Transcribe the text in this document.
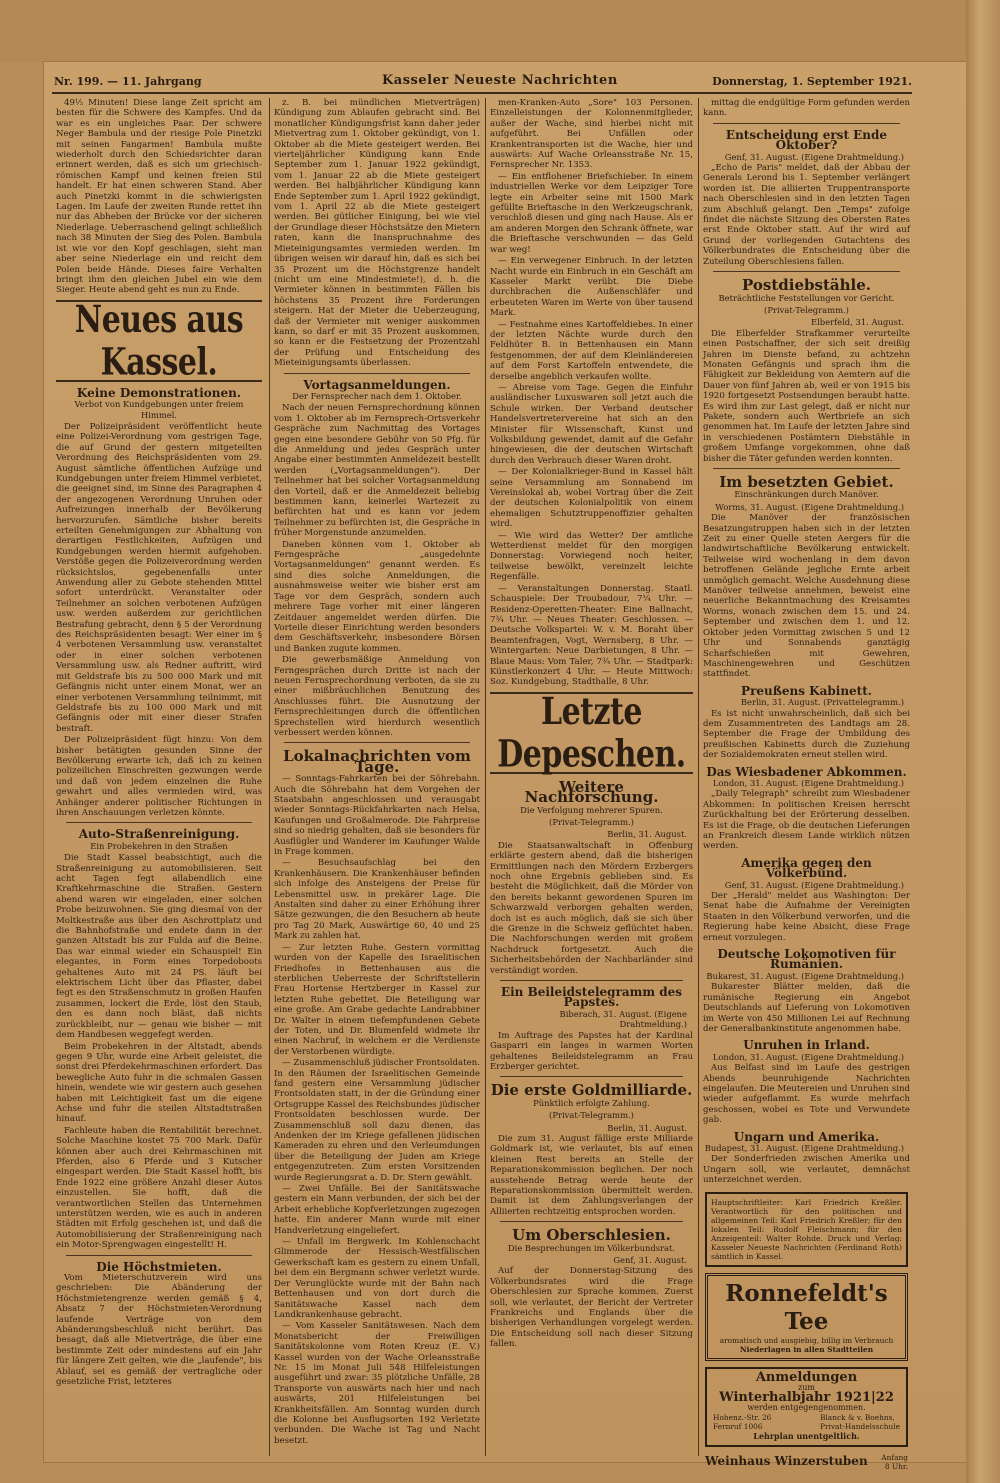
Nr. 199. — 11. Jahrgang	Kasseler Neueste Nachrichten	Donnerstag, 1. September 1921.

49½ Minuten! Diese lange Zeit spricht am besten für die Schwere des Kampfes. Und da war es ein ungleiches Paar. Der schwere Neger Bambula und der riesige Pole Pinetzki mit seinen Fangarmen! Bambula mußte wiederholt durch den Schiedsrichter daran erinnert werden, daß es sich um griechisch-römischen Kampf und keinen freien Stil handelt. Er hat einen schweren Stand. Aber auch Pinetzki kommt in die schwierigsten Lagen. Im Laufe der zweiten Runde rettet ihn nur das Abheben der Brücke vor der sicheren Niederlage. Ueberraschend gelingt schließlich nach 38 Minuten der Sieg des Polen. Bambula ist wie vor den Kopf geschlagen, sieht man aber seine Niederlage ein und reicht dem Polen beide Hände. Dieses faire Verhalten bringt ihm den gleichen Jubel ein wie dem Sieger. Heute abend geht es nun zu Ende.

Neues aus Kassel.
Keine Demonstrationen.
Verbot von Kundgebungen unter freiem Himmel.

Der Polizeipräsident veröffentlicht heute eine Polizei-Verordnung vom gestrigen Tage, die auf Grund der gestern mitgeteilten Verordnung des Reichspräsidenten vom 29. August sämtliche öffentlichen Aufzüge und Kundgebungen unter freiem Himmel verbietet, die geeignet sind, im Sinne des Paragraphen 4 der angezogenen Verordnung Unruhen oder Aufreizungen innerhalb der Bevölkerung hervorzurufen. Sämtliche bisher bereits erteilten Genehmigungen zur Abhaltung von derartigen Festlichkeiten, Aufzügen und Kundgebungen werden hiermit aufgehoben. Verstöße gegen die Polizeiverordnung werden rücksichtslos, gegebenenfalls unter Anwendung aller zu Gebote stehenden Mittel sofort unterdrückt. Veranstalter oder Teilnehmer an solchen verbotenen Aufzügen usw. werden außerdem zur gerichtlichen Bestrafung gebracht, denn § 5 der Verordnung des Reichspräsidenten besagt: Wer einer im § 4 verbotenen Versammlung usw. veranstaltet oder in einer solchen verbotenen Versammlung usw. als Redner auftritt, wird mit Geldstrafe bis zu 500 000 Mark und mit Gefängnis nicht unter einem Monat, wer an einer verbotenen Versammlung teilnimmt, mit Geldstrafe bis zu 100 000 Mark und mit Gefängnis oder mit einer dieser Strafen bestraft.

Der Polizeipräsident fügt hinzu: Von dem bisher betätigten gesunden Sinne der Bevölkerung erwarte ich, daß ich zu keinen polizeilichen Einschreiten gezwungen werde und daß von jedem einzelnen die Ruhe gewahrt und alles vermieden wird, was Anhänger anderer politischer Richtungen in ihren Anschauungen verletzen könnte.

Auto-Straßenreinigung.
Ein Probekehren in den Straßen

Die Stadt Kassel beabsichtigt, auch die Straßenreinigung zu automobilisieren. Seit acht Tagen fegt allabendlich eine Kraftkehrmaschine die Straßen. Gestern abend waren wir eingeladen, einer solchen Probe beizuwohnen. Sie ging diesmal von der Moltkestraße aus über den Aschrottplatz und die Bahnhofstraße und endete dann in der ganzen Altstadt bis zur Fulda auf die Beine. Das war einmal wieder ein Schauspiel! Ein elegantes, in Form eines Torpedoboots gehaltenes Auto mit 24 PS. läuft bei elektrischem Licht über das Pflaster, dabei fegt es den Straßenschmutz in großen Haufen zusammen, lockert die Erde, löst den Staub, den es dann noch bläst, daß nichts zurückbleibt, nur — genau wie bisher — mit dem Handbesen weggefegt werden.

Beim Probekehren in der Altstadt, abends gegen 9 Uhr, wurde eine Arbeit geleistet, die sonst drei Pferdekehrmaschinen erfordert. Das bewegliche Auto fuhr in die schmalen Gassen hinein, wendete wie wir gestern auch gesehen haben mit Leichtigkeit fast um die eigene Achse und fuhr die steilen Altstadtstraßen hinauf.

Fachleute haben die Rentabilität berechnet. Solche Maschine kostet 75 700 Mark. Dafür können aber auch drei Kehrmaschinen mit Pferden, also 6 Pferde und 3 Kutscher eingespart werden. Die Stadt Kassel hofft, bis Ende 1922 eine größere Anzahl dieser Autos einzustellen. Sie hofft, daß die verantwortlichen Stellen das Unternehmen unterstützen werden, wie es auch in anderen Städten mit Erfolg geschehen ist, und daß die Automobilisierung der Straßenreinigung nach ein Motor-Sprengwagen eingestellt! H.

Die Höchstmieten.

Vom Mieterschutzverein wird uns geschrieben: Die Abänderung der Höchstmietengrenze werden gemäß § 4, Absatz 7 der Höchstmieten-Verordnung laufende Verträge von dem Abänderungsbeschluß nicht berührt. Das besagt, daß alle Mietverträge, die über eine bestimmte Zeit oder mindestens auf ein Jahr für längere Zeit gelten, wie die „laufende", bis Ablauf, sei es gemäß der vertragliche oder gesetzliche Frist, letzteres

z. B. bei mündlichen Mietverträgen) Kündigung zum Ablaufen gebracht sind. Bei monatlicher Kündigungsfrist kann daher jeder Mietvertrag zum 1. Oktober gekündigt, von 1. Oktober ab die Miete gesteigert werden. Bei vierteljährlicher Kündigung kann Ende September zum 1. Januar 1922 gekündigt, vom 1. Januar 22 ab die Miete gesteigert werden. Bei halbjährlicher Kündigung kann Ende September zum 1. April 1922 gekündigt, vom 1. April 22 ab die Miete gesteigert werden. Bei gütlicher Einigung, bei wie viel der Grundlage dieser Höchstsätze den Mietern raten, kann die Inanspruchnahme des Mieteinigungsamtes vermieden werden. Im übrigen weisen wir darauf hin, daß es sich bei 35 Prozent um die Höchstgrenze handelt (nicht um eine Mindestmiete!), d. h. die Vermieter können in bestimmten Fällen bis höchstens 35 Prozent ihre Forderungen steigern. Hat der Mieter die Ueberzeugung, daß der Vermieter mit weniger auskommen kann, so darf er mit 35 Prozent auskommen, so kann er die Festsetzung der Prozentzahl der Prüfung und Entscheidung des Mieteinigungsamts überlassen.

Vortagsanmeldungen.
Der Fernsprecher nach dem 1. Oktober.

Nach der neuen Fernsprechordnung können vom 1. Oktober ab im Fernsprech-Ortsverkehr Gespräche zum Nachmittag des Vortages gegen eine besondere Gebühr von 50 Pfg. für die Anmeldung und jedes Gespräch unter Angabe einer bestimmten Anmeldezeit bestellt werden („Vortagsanmeldungen"). Der Teilnehmer hat bei solcher Vortagsanmeldung den Vorteil, daß er die Anmeldezeit beliebig bestimmen kann, keinerlei Wartezeit zu befürchten hat und es kann vor jedem Teilnehmer zu befürchten ist, die Gespräche in früher Morgenstunde anzumelden.

Daneben können vom 1. Oktober ab Ferngespräche „ausgedehnte Vortagsanmeldungen" genannt werden. Es sind dies solche Anmeldungen, die ausnahmsweise weiter wie bisher erst am Tage vor dem Gespräch, sondern auch mehrere Tage vorher mit einer längeren Zeitdauer angemeldet werden dürfen. Die Vorteile dieser Einrichtung werden besonders dem Geschäftsverkehr, insbesondere Börsen und Banken zugute kommen.

Die gewerbsmäßige Anmeldung von Ferngesprächen durch Dritte ist nach der neuen Fernsprechordnung verboten, da sie zu einer mißbräuchlichen Benutzung des Anschlusses führt. Die Ausnutzung der Fernsprechleitungen durch die öffentlichen Sprechstellen wird hierdurch wesentlich verbessert werden können.

Lokalnachrichten vom Tage.

— Sonntags-Fahrkarten bei der Söhrebahn. Auch die Söhrebahn hat dem Vorgehen der Staatsbahn angeschlossen und verausgabt wieder Sonntags-Rückfahrkarten nach Helsa, Kaufungen und Großalmerode. Die Fahrpreise sind so niedrig gehalten, daß sie besonders für Ausflügler und Wanderer im Kaufunger Walde in Frage kommen.

— Besuchsaufschlag bei den Krankenhäusern. Die Krankenhäuser befinden sich infolge des Ansteigens der Preise für Lebensmittel usw. in prekärer Lage. Die Anstalten sind daher zu einer Erhöhung ihrer Sätze gezwungen, die den Besuchern ab heute pro Tag 20 Mark, Auswärtige 60, 40 und 25 Mark zu zahlen hat.

— Zur letzten Ruhe. Gestern vormittag wurden von der Kapelle des Israelitischen Friedhofes in Bettenhausen aus die sterblichen Ueberreste der Schriftstellerin Frau Hortense Hertzberger in Kassel zur letzten Ruhe gebettet. Die Beteiligung war eine große. Am Grabe gedachte Landrabbiner Dr. Walter in einem tiefempfundenen Gebete der Toten, und Dr. Blumenfeld widmete ihr einen Nachruf, in welchem er die Verdienste der Verstorbenen würdigte.

— Zusammenschluß jüdischer Frontsoldaten. In den Räumen der Israelitischen Gemeinde fand gestern eine Versammlung jüdischer Frontsoldaten statt, in der die Gründung einer Ortsgruppe Kassel des Reichsbundes jüdischer Frontsoldaten beschlossen wurde. Der Zusammenschluß soll dazu dienen, das Andenken der im Kriege gefallenen jüdischen Kameraden zu ehren und den Verleumdungen über die Beteiligung der Juden am Kriege entgegenzutreten. Zum ersten Vorsitzenden wurde Regierungsrat a. D. Dr. Stern gewählt.

— Zwei Unfälle. Bei der Sanitätswache gestern ein Mann verbunden, der sich bei der Arbeit erhebliche Kopfverletzungen zugezogen hatte. Ein anderer Mann wurde mit einer Handverletzung eingeliefert.

— Unfall im Bergwerk. Im Kohlenschacht Glimmerode der Hessisch-Westfälischen Gewerkschaft kam es gestern zu einem Unfall, bei dem ein Bergmann schwer verletzt wurde. Der Verunglückte wurde mit der Bahn nach Bettenhausen und von dort durch die Sanitätswache Kassel nach dem Landkrankenhause gebracht.

— Vom Kasseler Sanitätswesen. Nach dem Monatsbericht der Freiwilligen Sanitätskolonne vom Roten Kreuz (E. V.) Kassel wurden von der Wache Orleansstraße Nr. 15 im Monat Juli 548 Hilfeleistungen ausgeführt und zwar: 35 plötzliche Unfälle, 28 Transporte von auswärts nach hier und nach auswärts, 201 Hilfeleistungen bei Krankheitsfällen. Am Sonntag wurden durch die Kolonne bei Ausflugsorten 192 Verletzte verbunden. Die Wache ist Tag und Nacht besetzt.

men-Kranken-Auto „Sore" 103 Personen. Einzelleistungen der Kolonnenmitglieder, außer der Wache, sind hierbei nicht mit aufgeführt. Bei Unfällen oder Krankentransporten ist die Wache, hier und auswärts: Auf Wache Orleansstraße Nr. 15, Fernsprecher Nr. 1353.

— Ein entflohener Briefschieber. In einem industriellen Werke vor dem Leipziger Tore legte ein Arbeiter seine mit 1500 Mark gefüllte Brieftasche in den Werkzeugschrank, verschloß diesen und ging nach Hause. Als er am anderen Morgen den Schrank öffnete, war die Brieftasche verschwunden — das Geld war weg!

— Ein verwegener Einbruch. In der letzten Nacht wurde ein Einbruch in ein Geschäft am Kasseler Markt verübt. Die Diebe durchbrachen die Außenschläfer und erbeuteten Waren im Werte von über tausend Mark.

— Festnahme eines Kartoffeldiebes. In einer der letzten Nächte wurde durch den Feldhüter B. in Bettenhausen ein Mann festgenommen, der auf dem Kleinländereien auf dem Forst Kartoffeln entwendete, die derselbe angeblich verkaufen wollte.

— Abreise vom Tage. Gegen die Einfuhr ausländischer Luxuswaren soll jetzt auch die Schule wirken. Der Verband deutscher Handelsvertretervereine hat sich an den Minister für Wissenschaft, Kunst und Volksbildung gewendet, damit auf die Gefahr hingewiesen, die der deutschen Wirtschaft durch den Verbrauch dieser Waren droht.

— Der Kolonialkrieger-Bund in Kassel hält seine Versammlung am Sonnabend im Vereinslokal ab, wobei Vortrag über die Zeit der deutschen Kolonialpolitik von einem ehemaligen Schutztruppenoffizier gehalten wird.

— Wie wird das Wetter? Der amtliche Wetterdienst meldet für den morgigen Donnerstag: Vorwiegend noch heiter, teilweise bewölkt, vereinzelt leichte Regenfälle.

— Veranstaltungen Donnerstag. Staatl. Schauspiele: Der Troubadour, 7¼ Uhr. — Residenz-Operetten-Theater: Eine Ballnacht, 7¾ Uhr. — Neues Theater: Geschlossen. — Deutsche Volkspartei: W. v. M. Boraht über Beamtenfragen, Vogt, Wernsberg, 8 Uhr. — Wintergarten: Neue Darbietungen, 8 Uhr. — Blaue Maus: Vom Taler, 7¾ Uhr. — Stadtpark: Künstlerkonzert 4 Uhr. — Heute Mittwoch: Soz. Kundgebung, Stadthalle, 8 Uhr.

Letzte Depeschen.
Weitere Nachforschung.
Die Verfolgung mehrerer Spuren.
(Privat-Telegramm.)
Berlin, 31. August.

Die Staatsanwaltschaft in Offenburg erklärte gestern abend, daß die bisherigen Ermittlungen nach den Mördern Erzbergers noch ohne Ergebnis geblieben sind. Es besteht die Möglichkeit, daß die Mörder von den bereits bekannt gewordenen Spuren im Schwarzwald verborgen gehalten werden, doch ist es auch möglich, daß sie sich über die Grenze in die Schweiz geflüchtet haben. Die Nachforschungen werden mit großem Nachdruck fortgesetzt. Auch die Sicherheitsbehörden der Nachbarländer sind verständigt worden.

Ein Beileidstelegramm des Papstes.
Biberach, 31. August. (Eigene Drahtmeldung.)

Im Auftrage des Papstes hat der Kardinal Gasparri ein langes in warmen Worten gehaltenes Beileidstelegramm an Frau Erzberger gerichtet.

Die erste Goldmilliarde.
Pünktlich erfolgte Zahlung.
(Privat-Telegramm.)
Berlin, 31. August.

Die zum 31. August fällige erste Milliarde Goldmark ist, wie verlautet, bis auf einen kleinen Rest bereits an Stelle der Reparationskommission beglichen. Der noch ausstehende Betrag werde heute der Reparationskommission übermittelt werden. Damit ist dem Zahlungsverlangen der Alliierten rechtzeitig entsprochen worden.

Um Oberschlesien.
Die Besprechungen im Völkerbundsrat.
Genf, 31. August.

Auf der Donnerstag-Sitzung des Völkerbundsrates wird die Frage Oberschlesien zur Sprache kommen. Zuerst soll, wie verlautet, der Bericht der Vertreter Frankreichs und Englands über die bisherigen Verhandlungen vorgelegt werden. Die Entscheidung soll nach dieser Sitzung fallen.

mittag die endgültige Form gefunden werden kann.

Entscheidung erst Ende Oktober?
Genf, 31. August. (Eigene Drahtmeldung.)

„Echo de Paris" meldet, daß der Abbau der Generals Lerond bis 1. September verlängert worden ist. Die alliierten Truppentransporte nach Oberschlesien sind in den letzten Tagen zum Abschluß gelangt. Den „Temps" zufolge findet die nächste Sitzung des Obersten Rates erst Ende Oktober statt. Auf ihr wird auf Grund der vorliegenden Gutachtens des Völkerbundrates die Entscheidung über die Zuteilung Oberschlesiens fallen.

Postdiebstähle.
Beträchtliche Feststellungen vor Gericht.
(Privat-Telegramm.)
Elberfeld, 31. August.

Die Elberfelder Strafkammer verurteilte einen Postschaffner, der sich seit dreißig Jahren im Dienste befand, zu achtzehn Monaten Gefängnis und sprach ihm die Fähigkeit zur Bekleidung von Aemtern auf die Dauer von fünf Jahren ab, weil er von 1915 bis 1920 fortgesetzt Postsendungen beraubt hatte. Es wird ihm zur Last gelegt, daß er nicht nur Pakete, sondern auch Wertbriefe an sich genommen hat. Im Laufe der letzten Jahre sind in verschiedenen Postämtern Diebstähle in großem Umfange vorgekommen, ohne daß bisher die Täter gefunden werden konnten.

Im besetzten Gebiet.
Einschränkungen durch Manöver.
Worms, 31. August. (Eigene Drahtmeldung.)

Die Manöver der französischen Besatzungstruppen haben sich in der letzten Zeit zu einer Quelle steten Aergers für die landwirtschaftliche Bevölkerung entwickelt. Teilweise wird wochenlang in dem davon betroffenen Gelände jegliche Ernte arbeit unmöglich gemacht. Welche Ausdehnung diese Manöver teilweise annehmen, beweist eine neuerliche Bekanntmachung des Kreisamtes Worms, wonach zwischen dem 15. und 24. September und zwischen dem 1. und 12. Oktober jeden Vormittag zwischen 5 und 12 Uhr und Sonnabends ganztägig Scharfschießen mit Gewehren, Maschinengewehren und Geschützen stattfindet.

Preußens Kabinett.
Berlin, 31. August. (Privattelegramm.)

Es ist nicht unwahrscheinlich, daß sich bei dem Zusammentreten des Landtags am 28. September die Frage der Umbildung des preußischen Kabinetts durch die Zuziehung der Sozialdemokraten erneut stellen wird.

Das Wiesbadener Abkommen.
London, 31. August. (Eigene Drahtmeldung.)

„Daily Telegraph" schreibt zum Wiesbadener Abkommen: In politischen Kreisen herrscht Zurückhaltung bei der Erörterung desselben. Es ist die Frage, ob die deutschen Lieferungen an Frankreich diesem Lande wirklich nützen werden.

Amerika gegen den Völkerbund.
Genf, 31. August. (Eigene Drahtmeldung.)

Der „Herald" meldet aus Washington: Der Senat habe die Aufnahme der Vereinigten Staaten in den Völkerbund verworfen, und die Regierung habe keine Absicht, diese Frage erneut vorzulegen.

Deutsche Lokomotiven für Rumänien.
Bukarest, 31. August. (Eigene Drahtmeldung.)

Bukarester Blätter melden, daß die rumänische Regierung ein Angebot Deutschlands auf Lieferung von Lokomotiven im Werte von 450 Millionen Lei auf Rechnung der Generalbankinstitute angenommen habe.

Unruhen in Irland.
London, 31. August. (Eigene Drahtmeldung.)

Aus Belfast sind im Laufe des gestrigen Abends beunruhigende Nachrichten eingelaufen. Die Meutereien und Unruhen sind wieder aufgeflammt. Es wurde mehrfach geschossen, wobei es Tote und Verwundete gab.

Ungarn und Amerika.
Budapest, 31. August. (Eigene Drahtmeldung.)

Der Sonderfrieden zwischen Amerika und Ungarn soll, wie verlautet, demnächst unterzeichnet werden.

Hauptschriftleiter: Karl Friedrich Kreßler. Verantwortlich für den politischen und allgemeinen Teil: Karl Friedrich Kreßler; für den lokalen Teil: Rudolf Fleischmann; für den Anzeigenteil: Walter Rohde. Druck und Verlag: Kasseler Neueste Nachrichten (Ferdinand Roth) sämtlich in Kassel.
Ronnefeldt's Tee
aromatisch und ausgiebig, billig im Verbrauch
Niederlagen in allen Stadtteilen
Anmeldungen
zum
Winterhalbjahr 1921|22
werden entgegengenommen.
Hohenz.-Str. 26
Fernruf 1006
Blanck & v. Boehns,
Privat-Handelsschule
Lehrplan unentgeltlich.
Weinhaus Winzerstuben Anfang
8 Uhr.
